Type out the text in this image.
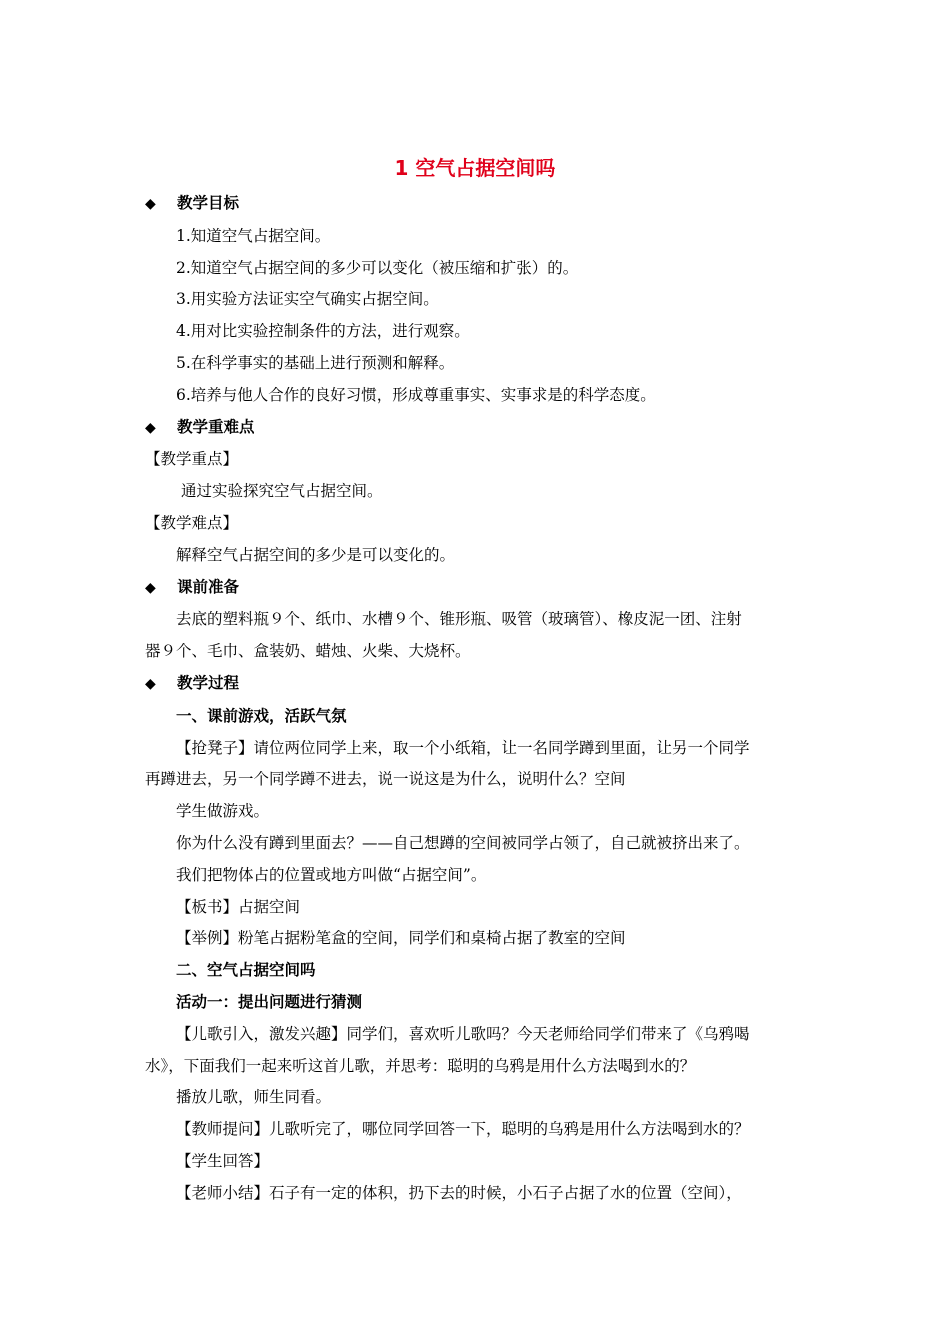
1 空气占据空间吗
◆ 教学目标
1.知道空气占据空间。
2.知道空气占据空间的多少可以变化（被压缩和扩张）的。
3.用实验方法证实空气确实占据空间。
4.用对比实验控制条件的方法，进行观察。
5.在科学事实的基础上进行预测和解释。
6.培养与他人合作的良好习惯，形成尊重事实、实事求是的科学态度。
◆ 教学重难点
【教学重点】
通过实验探究空气占据空间。
【教学难点】
解释空气占据空间的多少是可以变化的。
◆ 课前准备
去底的塑料瓶９个、纸巾、水槽９个、锥形瓶、吸管（玻璃管）、橡皮泥一团、注射
器９个、毛巾、盒装奶、蜡烛、火柴、大烧杯。
◆ 教学过程
一、课前游戏，活跃气氛
【抢凳子】请位两位同学上来，取一个小纸箱，让一名同学蹲到里面，让另一个同学
再蹲进去，另一个同学蹲不进去，说一说这是为什么，说明什么？空间
学生做游戏。
你为什么没有蹲到里面去？——自己想蹲的空间被同学占领了，自己就被挤出来了。
我们把物体占的位置或地方叫做“占据空间”。
【板书】占据空间
【举例】粉笔占据粉笔盒的空间，同学们和桌椅占据了教室的空间
二、空气占据空间吗
活动一：提出问题进行猜测
【儿歌引入，激发兴趣】同学们，喜欢听儿歌吗？今天老师给同学们带来了《乌鸦喝
水》，下面我们一起来听这首儿歌，并思考：聪明的乌鸦是用什么方法喝到水的？
播放儿歌，师生同看。
【教师提问】儿歌听完了，哪位同学回答一下，聪明的乌鸦是用什么方法喝到水的？
【学生回答】
【老师小结】石子有一定的体积，扔下去的时候，小石子占据了水的位置（空间），
